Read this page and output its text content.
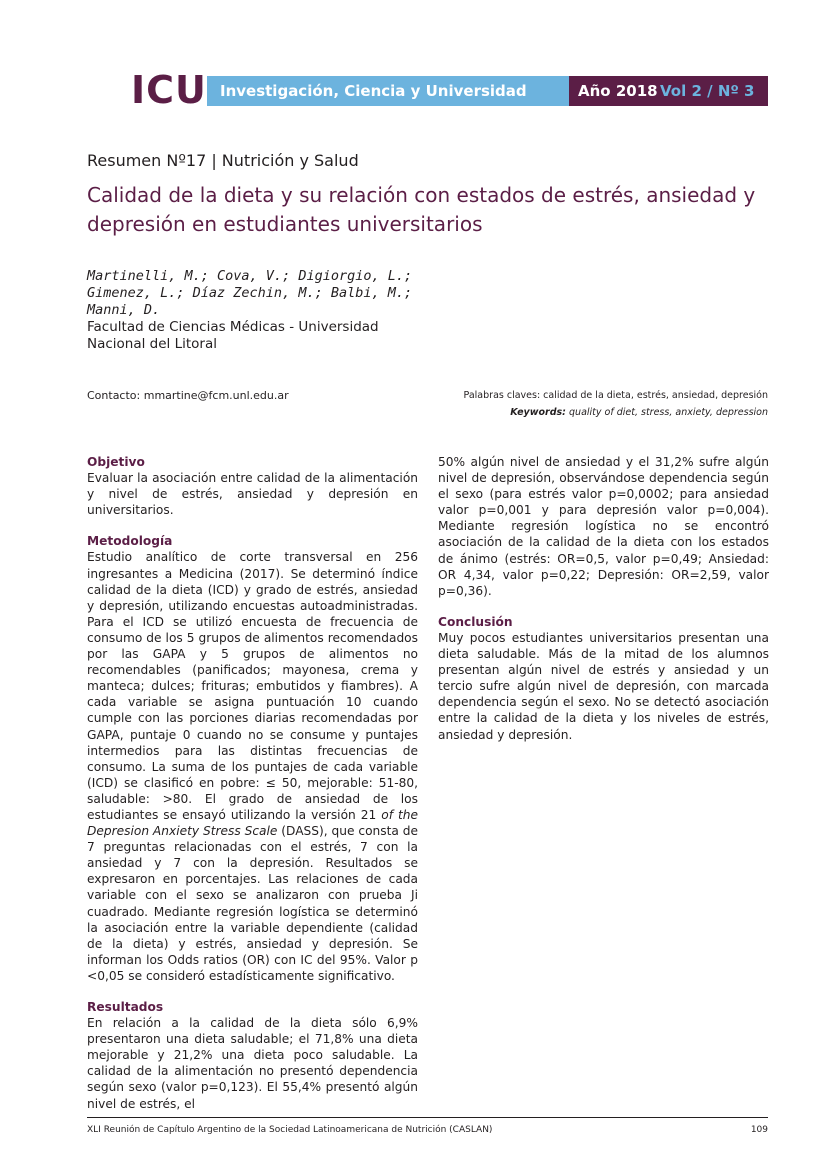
ICU Investigación, Ciencia y Universidad	Año 2018 Vol 2 / Nº 3
Resumen Nº17 | Nutrición y Salud
Calidad de la dieta y su relación con estados de estrés, ansiedad y depresión en estudiantes universitarios
Martinelli, M.; Cova, V.; Digiorgio, L.; Gimenez, L.; Díaz Zechin, M.; Balbi, M.; Manni, D.
Facultad de Ciencias Médicas - Universidad Nacional del Litoral
Contacto: mmartine@fcm.unl.edu.ar	Palabras claves: calidad de la dieta, estrés, ansiedad, depresión
Keywords: quality of diet, stress, anxiety, depression
Objetivo

Evaluar la asociación entre calidad de la alimentación y nivel de estrés, ansiedad y depresión en universitarios.

Metodología

Estudio analítico de corte transversal en 256 ingresantes a Medicina (2017). Se determinó índice calidad de la dieta (ICD) y grado de estrés, ansiedad y depresión, utilizando encuestas autoadministradas. Para el ICD se utilizó encuesta de frecuencia de consumo de los 5 grupos de alimentos recomendados por las GAPA y 5 grupos de alimentos no recomendables (panificados; mayonesa, crema y manteca; dulces; frituras; embutidos y fiambres). A cada variable se asigna puntuación 10 cuando cumple con las porciones diarias recomendadas por GAPA, puntaje 0 cuando no se consume y puntajes intermedios para las distintas frecuencias de consumo. La suma de los puntajes de cada variable (ICD) se clasificó en pobre: ≤ 50, mejorable: 51-80, saludable: >80. El grado de ansiedad de los estudiantes se ensayó utilizando la versión 21 of the Depresion Anxiety Stress Scale (DASS), que consta de 7 preguntas relacionadas con el estrés, 7 con la ansiedad y 7 con la depresión. Resultados se expresaron en porcentajes. Las relaciones de cada variable con el sexo se analizaron con prueba Ji cuadrado. Mediante regresión logística se determinó la asociación entre la variable dependiente (calidad de la dieta) y estrés, ansiedad y depresión. Se informan los Odds ratios (OR) con IC del 95%. Valor p <0,05 se consideró estadísticamente significativo.

Resultados

En relación a la calidad de la dieta sólo 6,9% presentaron una dieta saludable; el 71,8% una dieta mejorable y 21,2% una dieta poco saludable. La calidad de la alimentación no presentó dependencia según sexo (valor p=0,123). El 55,4% presentó algún nivel de estrés, el

50% algún nivel de ansiedad y el 31,2% sufre algún nivel de depresión, observándose dependencia según el sexo (para estrés valor p=0,0002; para ansiedad valor p=0,001 y para depresión valor p=0,004). Mediante regresión logística no se encontró asociación de la calidad de la dieta con los estados de ánimo (estrés: OR=0,5, valor p=0,49; Ansiedad: OR 4,34, valor p=0,22; Depresión: OR=2,59, valor p=0,36).

Conclusión

Muy pocos estudiantes universitarios presentan una dieta saludable. Más de la mitad de los alumnos presentan algún nivel de estrés y ansiedad y un tercio sufre algún nivel de depresión, con marcada dependencia según el sexo. No se detectó asociación entre la calidad de la dieta y los niveles de estrés, ansiedad y depresión.

XLI Reunión de Capítulo Argentino de la Sociedad Latinoamericana de Nutrición (CASLAN)	109
